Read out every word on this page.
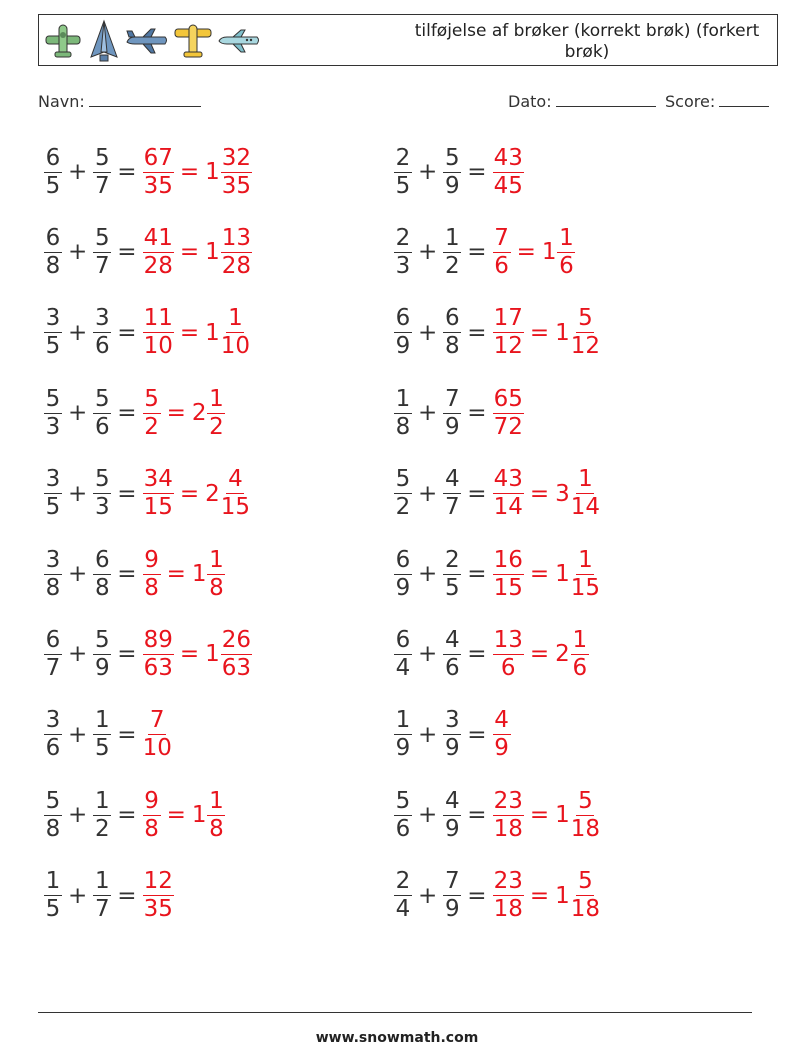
tilføjelse af brøker (korrekt brøk) (forkert brøk)
Navn:	Dato:	Score:
$\frac{6}{5} + \frac{5}{7} = \frac{67}{35} = 1 \frac{32}{35}$	$\frac{2}{5} + \frac{5}{9} = \frac{43}{45}$
$\frac{6}{8} + \frac{5}{7} = \frac{41}{28} = 1 \frac{13}{28}$	$\frac{2}{3} + \frac{1}{2} = \frac{7}{6} = 1 \frac{1}{6}$
$\frac{3}{5} + \frac{3}{6} = \frac{11}{10} = 1 \frac{1}{10}$	$\frac{6}{9} + \frac{6}{8} = \frac{17}{12} = 1 \frac{5}{12}$
$\frac{5}{3} + \frac{5}{6} = \frac{5}{2} = 2 \frac{1}{2}$	$\frac{1}{8} + \frac{7}{9} = \frac{65}{72}$
$\frac{3}{5} + \frac{5}{3} = \frac{34}{15} = 2 \frac{4}{15}$	$\frac{5}{2} + \frac{4}{7} = \frac{43}{14} = 3 \frac{1}{14}$
$\frac{3}{8} + \frac{6}{8} = \frac{9}{8} = 1 \frac{1}{8}$	$\frac{6}{9} + \frac{2}{5} = \frac{16}{15} = 1 \frac{1}{15}$
$\frac{6}{7} + \frac{5}{9} = \frac{89}{63} = 1 \frac{26}{63}$	$\frac{6}{4} + \frac{4}{6} = \frac{13}{6} = 2 \frac{1}{6}$
$\frac{3}{6} + \frac{1}{5} = \frac{7}{10}$	$\frac{1}{9} + \frac{3}{9} = \frac{4}{9}$
$\frac{5}{8} + \frac{1}{2} = \frac{9}{8} = 1 \frac{1}{8}$	$\frac{5}{6} + \frac{4}{9} = \frac{23}{18} = 1 \frac{5}{18}$
$\frac{1}{5} + \frac{1}{7} = \frac{12}{35}$	$\frac{2}{4} + \frac{7}{9} = \frac{23}{18} = 1 \frac{5}{18}$
www.snowmath.com
